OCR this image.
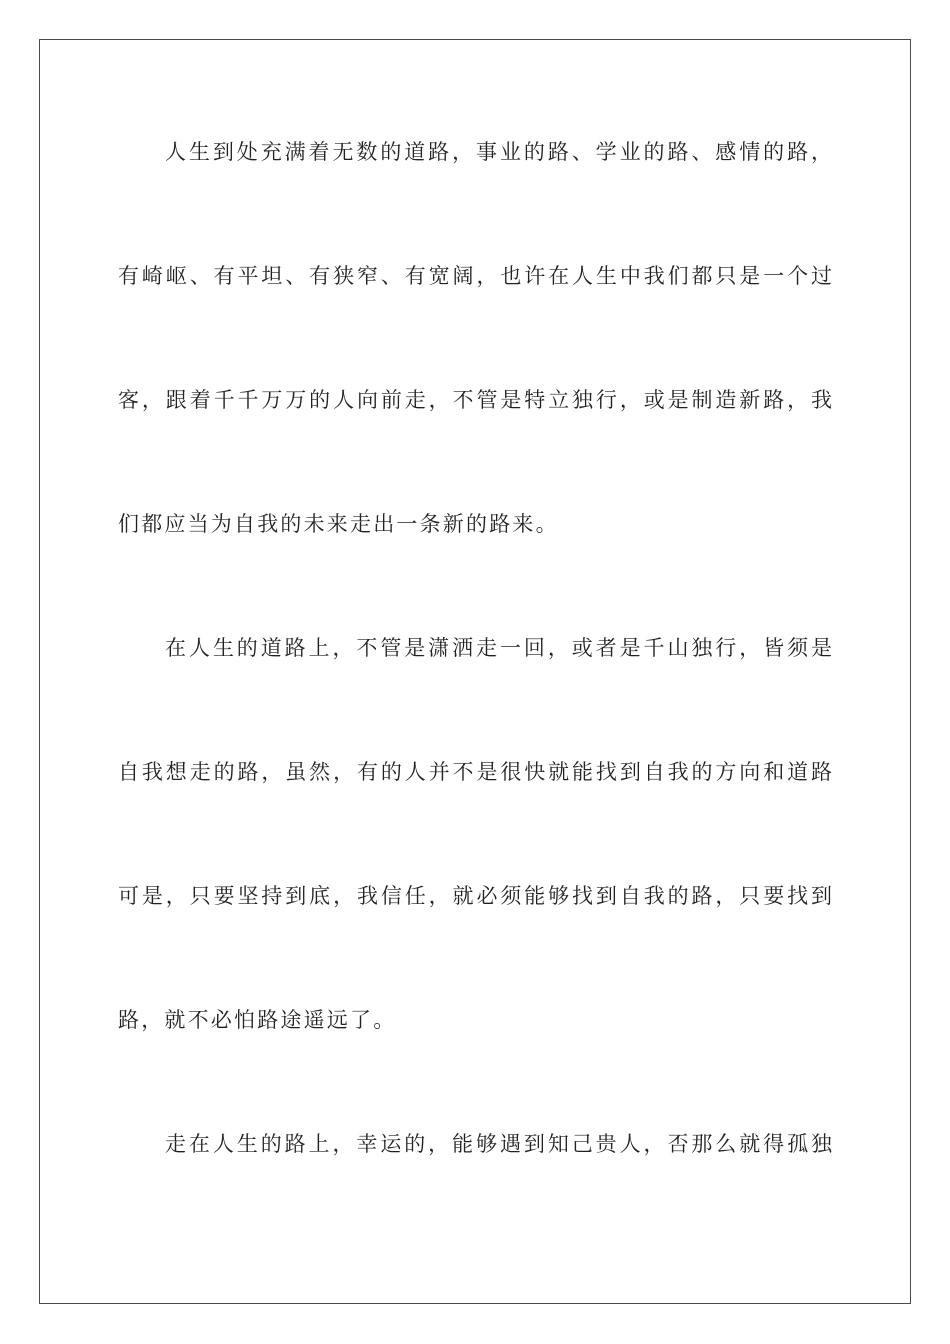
人生到处充满着无数的道路，事业的路、学业的路、感情的路，

有崎岖、有平坦、有狭窄、有宽阔，也许在人生中我们都只是一个过

客，跟着千千万万的人向前走，不管是特立独行，或是制造新路，我

们都应当为自我的未来走出一条新的路来。

在人生的道路上，不管是潇洒走一回，或者是千山独行，皆须是

自我想走的路，虽然，有的人并不是很快就能找到自我的方向和道路

可是，只要坚持到底，我信任，就必须能够找到自我的路，只要找到

路，就不必怕路途遥远了。

走在人生的路上，幸运的，能够遇到知己贵人，否那么就得孤独
